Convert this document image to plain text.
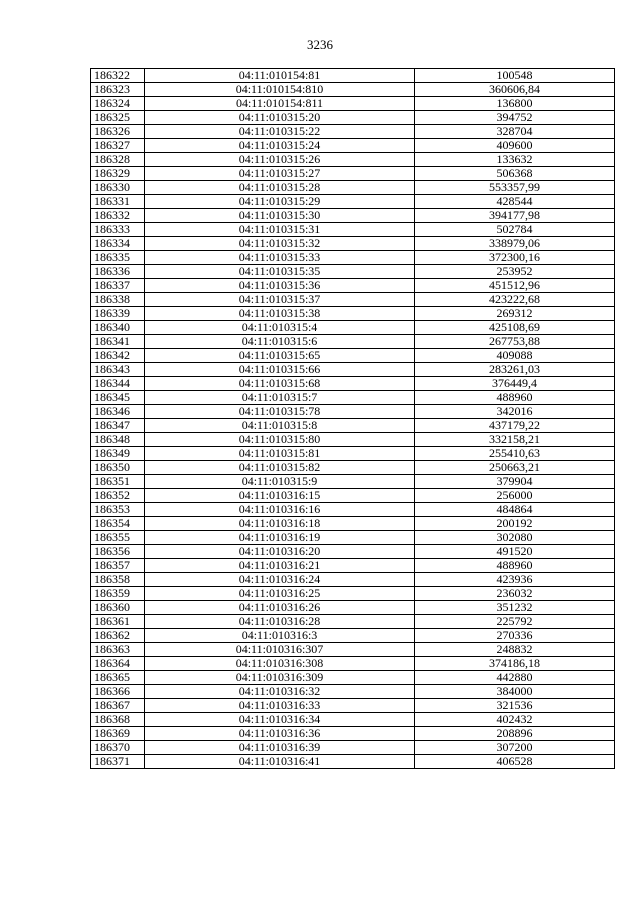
3236
186322	04:11:010154:81	100548
186323	04:11:010154:810	360606,84
186324	04:11:010154:811	136800
186325	04:11:010315:20	394752
186326	04:11:010315:22	328704
186327	04:11:010315:24	409600
186328	04:11:010315:26	133632
186329	04:11:010315:27	506368
186330	04:11:010315:28	553357,99
186331	04:11:010315:29	428544
186332	04:11:010315:30	394177,98
186333	04:11:010315:31	502784
186334	04:11:010315:32	338979,06
186335	04:11:010315:33	372300,16
186336	04:11:010315:35	253952
186337	04:11:010315:36	451512,96
186338	04:11:010315:37	423222,68
186339	04:11:010315:38	269312
186340	04:11:010315:4	425108,69
186341	04:11:010315:6	267753,88
186342	04:11:010315:65	409088
186343	04:11:010315:66	283261,03
186344	04:11:010315:68	376449,4
186345	04:11:010315:7	488960
186346	04:11:010315:78	342016
186347	04:11:010315:8	437179,22
186348	04:11:010315:80	332158,21
186349	04:11:010315:81	255410,63
186350	04:11:010315:82	250663,21
186351	04:11:010315:9	379904
186352	04:11:010316:15	256000
186353	04:11:010316:16	484864
186354	04:11:010316:18	200192
186355	04:11:010316:19	302080
186356	04:11:010316:20	491520
186357	04:11:010316:21	488960
186358	04:11:010316:24	423936
186359	04:11:010316:25	236032
186360	04:11:010316:26	351232
186361	04:11:010316:28	225792
186362	04:11:010316:3	270336
186363	04:11:010316:307	248832
186364	04:11:010316:308	374186,18
186365	04:11:010316:309	442880
186366	04:11:010316:32	384000
186367	04:11:010316:33	321536
186368	04:11:010316:34	402432
186369	04:11:010316:36	208896
186370	04:11:010316:39	307200
186371	04:11:010316:41	406528
